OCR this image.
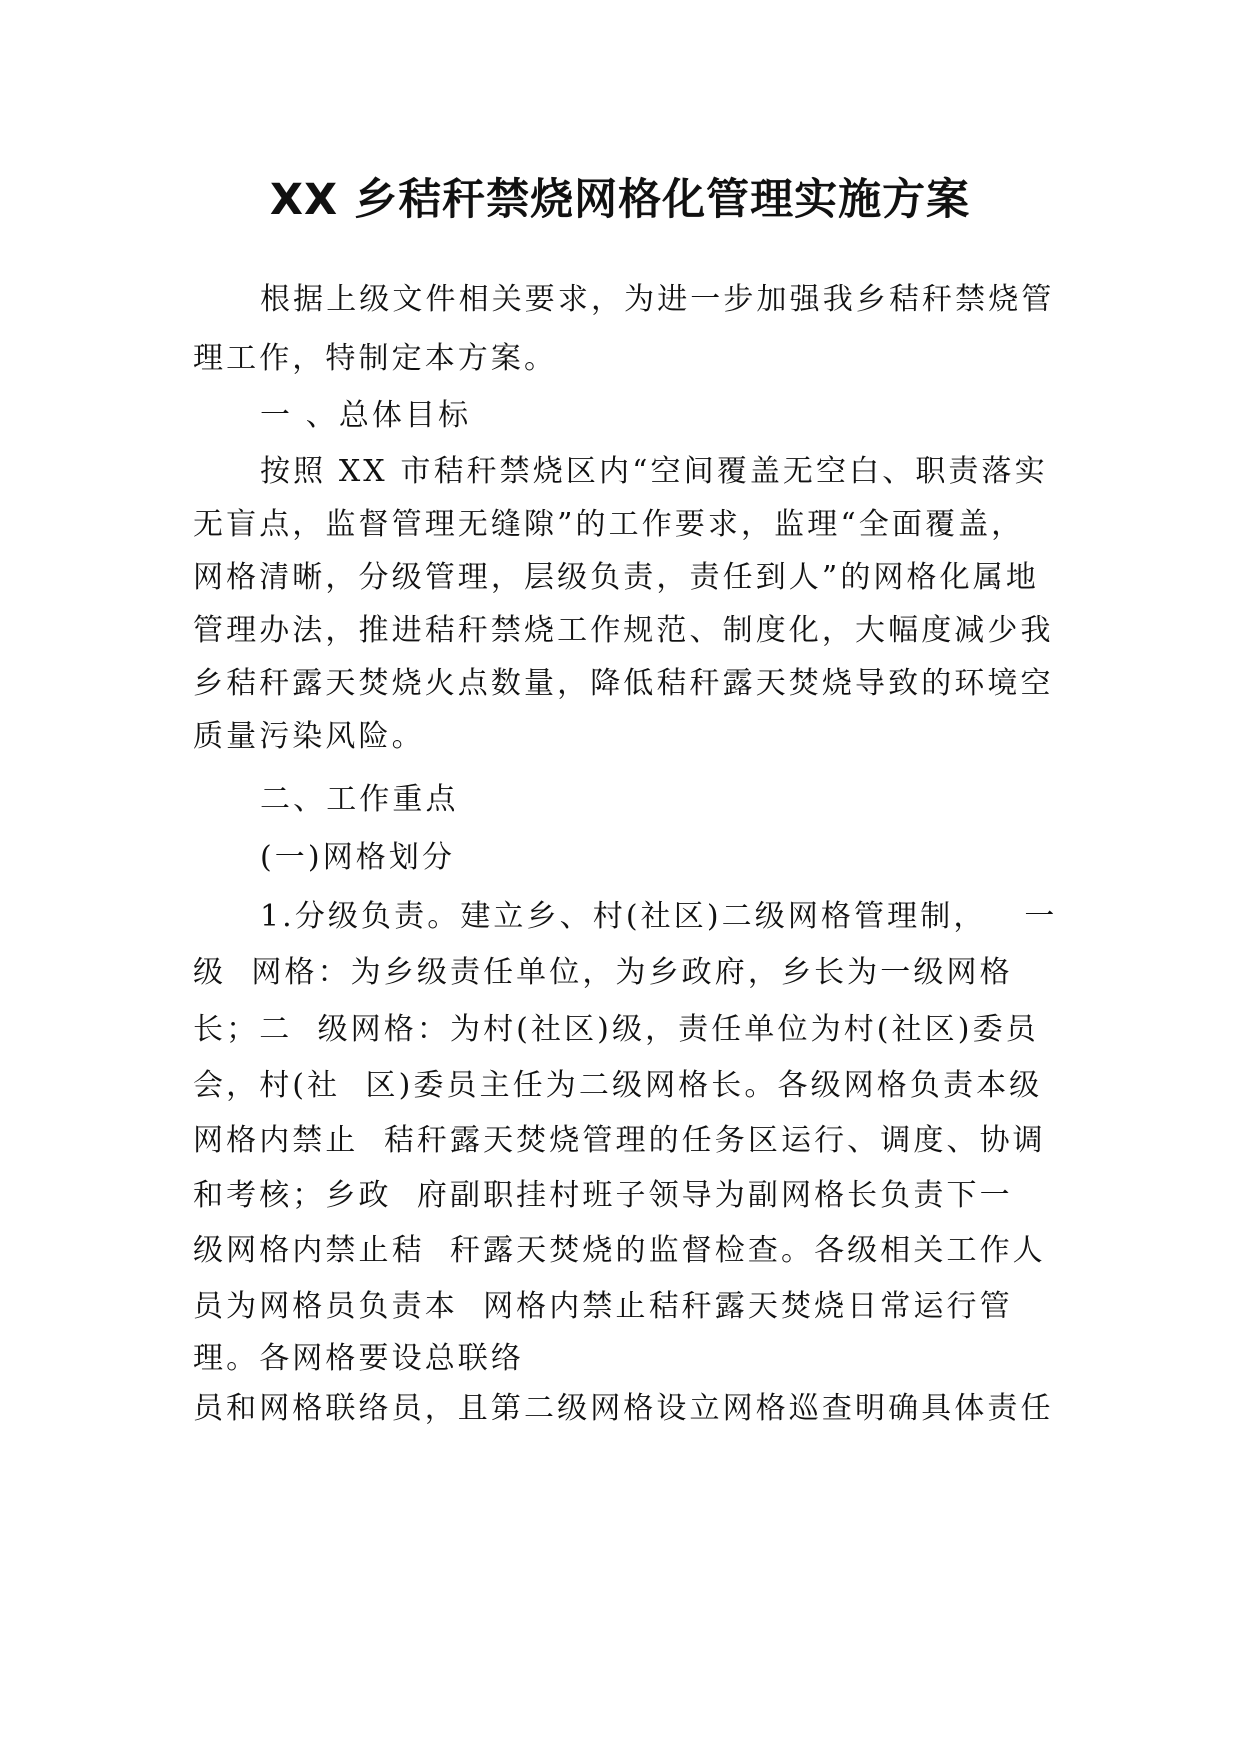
XX 乡秸秆禁烧网格化管理实施方案
根据上级文件相关要求，为进一步加强我乡秸秆禁烧管
理工作，特制定本方案。
一 、总体目标
按照 XX 市秸秆禁烧区内“空间覆盖无空白、职责落实
无盲点，监督管理无缝隙”的工作要求，监理“全面覆盖，
网格清晰，分级管理，层级负责，责任到人”的网格化属地
管理办法，推进秸秆禁烧工作规范、制度化，大幅度减少我
乡秸秆露天焚烧火点数量，降低秸秆露天焚烧导致的环境空
质量污染风险。
二、工作重点
(一)网格划分
1.分级负责。建立乡、村(社区)二级网格管理制，   一
级  网格：为乡级责任单位，为乡政府，乡长为一级网格
长；二  级网格：为村(社区)级，责任单位为村(社区)委员
会，村(社  区)委员主任为二级网格长。各级网格负责本级
网格内禁止  秸秆露天焚烧管理的任务区运行、调度、协调
和考核；乡政  府副职挂村班子领导为副网格长负责下一
级网格内禁止秸  秆露天焚烧的监督检查。各级相关工作人
员为网格员负责本  网格内禁止秸秆露天焚烧日常运行管
理。各网格要设总联络
员和网格联络员，且第二级网格设立网格巡查明确具体责任
